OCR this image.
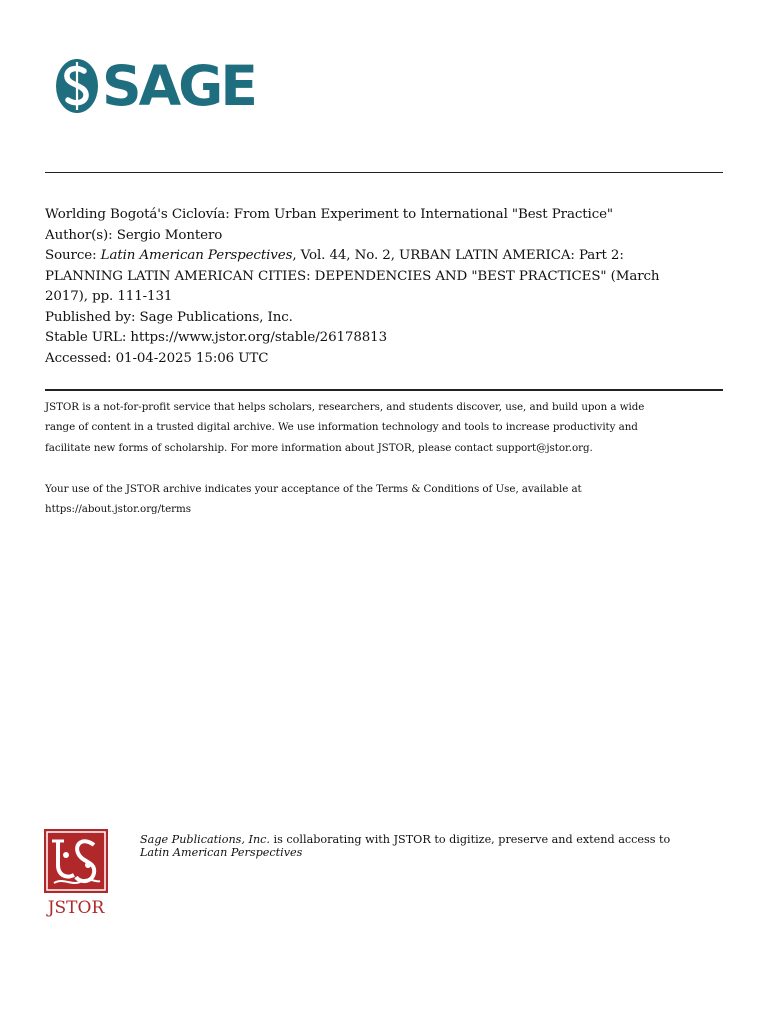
SAGE

Worlding Bogotá's Ciclovía: From Urban Experiment to International "Best Practice"

Author(s): Sergio Montero

Source: Latin American Perspectives, Vol. 44, No. 2, URBAN LATIN AMERICA: Part 2:

PLANNING LATIN AMERICAN CITIES: DEPENDENCIES AND "BEST PRACTICES" (March

2017), pp. 111-131

Published by: Sage Publications, Inc.

Stable URL: https://www.jstor.org/stable/26178813

Accessed: 01-04-2025 15:06 UTC

JSTOR is a not-for-profit service that helps scholars, researchers, and students discover, use, and build upon a wide

range of content in a trusted digital archive. We use information technology and tools to increase productivity and

facilitate new forms of scholarship. For more information about JSTOR, please contact support@jstor.org.

Your use of the JSTOR archive indicates your acceptance of the Terms & Conditions of Use, available at

https://about.jstor.org/terms

JSTOR

Sage Publications, Inc. is collaborating with JSTOR to digitize, preserve and extend access to

Latin American Perspectives
